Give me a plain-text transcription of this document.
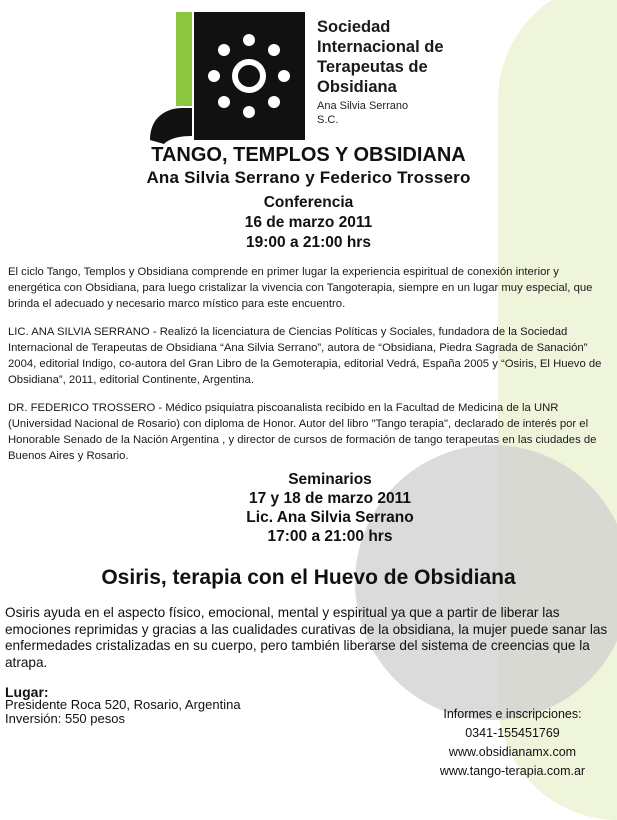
Sociedad
Internacional de
Terapeutas de
Obsidiana
Ana Silvia Serrano
S.C.
TANGO, TEMPLOS Y OBSIDIANA
Ana Silvia Serrano y Federico Trossero
Conferencia
16 de marzo 2011
19:00 a 21:00 hrs
El ciclo Tango, Templos y Obsidiana comprende en primer lugar la experiencia espiritual de conexión interior y energética con Obsidiana, para luego cristalizar la vivencia con Tangoterapia, siempre en un lugar muy especial, que brinda el adecuado y necesario marco místico para este encuentro.
LIC. ANA SILVIA SERRANO - Realizó la licenciatura de Ciencias Políticas y Sociales, fundadora de la Sociedad Internacional de Terapeutas de Obsidiana “Ana Silvia Serrano”, autora de “Obsidiana, Piedra Sagrada de Sanación” 2004, editorial Indigo, co-autora del Gran Libro de la Gemoterapia, editorial Vedrá, España 2005 y “Osiris, El Huevo de Obsidiana”, 2011, editorial Continente, Argentina.
DR. FEDERICO TROSSERO - Médico psiquiatra piscoanalista recibido en la Facultad de Medicina de la UNR (Universidad Nacional de Rosario) con diploma de Honor. Autor del libro "Tango terapia", declarado de interés por el Honorable Senado de la Nación Argentina , y director de cursos de formación de tango terapeutas en las ciudades de Buenos Aires y Rosario.
Seminarios
17 y 18 de marzo 2011
Lic. Ana Silvia Serrano
17:00 a 21:00 hrs
Osiris, terapia con el Huevo de Obsidiana
Osiris ayuda en el aspecto físico, emocional, mental y espiritual ya que a partir de liberar las emociones reprimidas y gracias a las cualidades curativas de la obsidiana, la mujer puede sanar las enfermedades cristalizadas en su cuerpo, pero también liberarse del sistema de creencias que la atrapa.
Lugar:
Presidente Roca 520, Rosario, Argentina
Inversión: 550 pesos	Informes e inscripciones:
0341-155451769
www.obsidianamx.com
www.tango-terapia.com.ar
